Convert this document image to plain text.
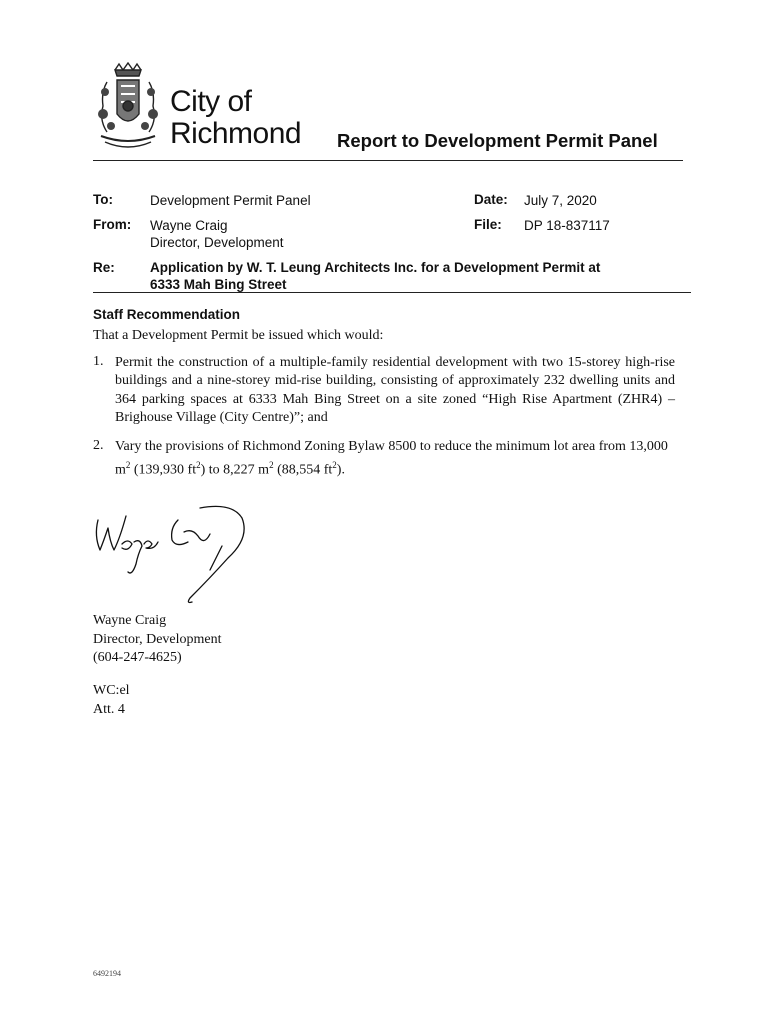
City of
Richmond Report to Development Permit Panel
To:	Development Permit Panel	Date: July 7, 2020
From: Wayne Craig
Director, Development
File: DP 18-837117
Re:	Application by W. T. Leung Architects Inc. for a Development Permit at
6333 Mah Bing Street
Staff Recommendation
That a Development Permit be issued which would:
1. Permit the construction of a multiple-family residential development with two 15-storey high-rise buildings and a nine-storey mid-rise building, consisting of approximately 232 dwelling units and 364 parking spaces at 6333 Mah Bing Street on a site zoned “High Rise Apartment (ZHR4) – Brighouse Village (City Centre)”; and
2. Vary the provisions of Richmond Zoning Bylaw 8500 to reduce the minimum lot area from 13,000 $m^2$ (139,930 $ft^2$) to 8,227 $m^2$ (88,554 $ft^2$).
Wayne Craig
Director, Development
(604-247-4625)
WC:el
Att. 4
6492194
